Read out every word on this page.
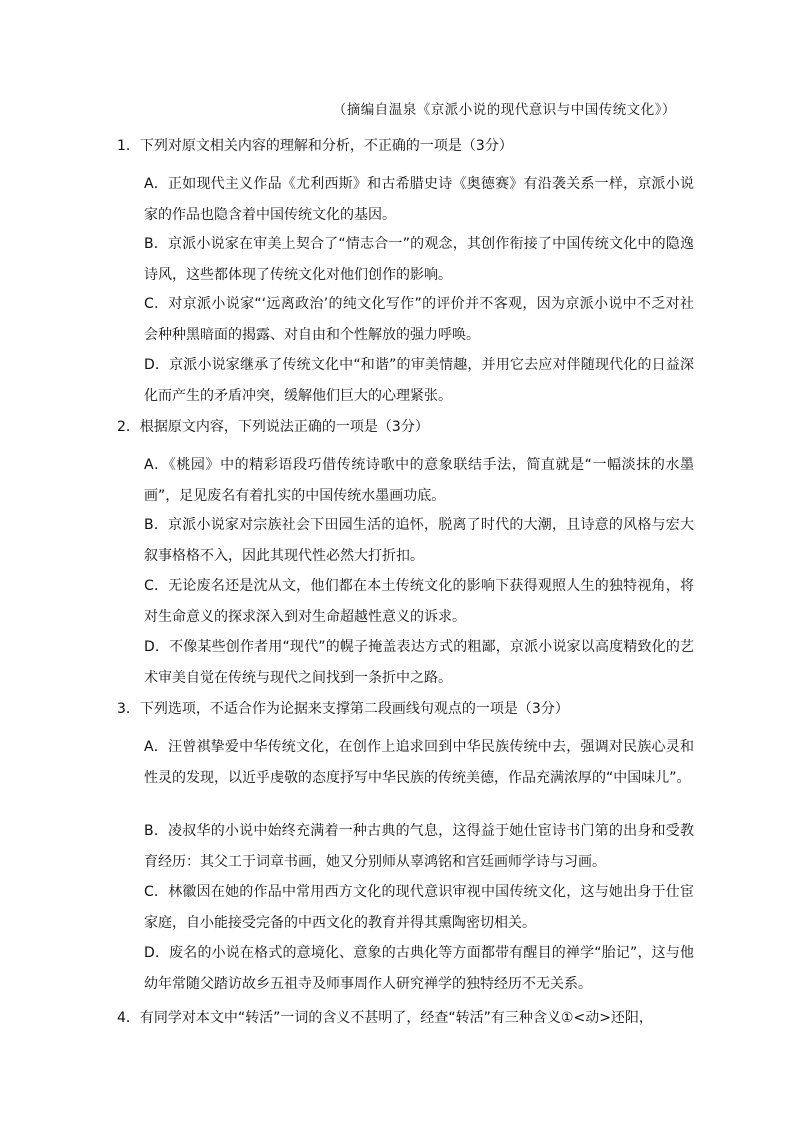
（摘编自温泉《京派小说的现代意识与中国传统文化》）
1．下列对原文相关内容的理解和分析，不正确的一项是（3分）
A．正如现代主义作品《尤利西斯》和古希腊史诗《奥德赛》有沿袭关系一样，京派小说家的作品也隐含着中国传统文化的基因。
B．京派小说家在审美上契合了“情志合一”的观念，其创作衔接了中国传统文化中的隐逸诗风，这些都体现了传统文化对他们创作的影响。
C．对京派小说家“‘远离政治’的纯文化写作”的评价并不客观，因为京派小说中不乏对社会种种黑暗面的揭露、对自由和个性解放的强力呼唤。
D．京派小说家继承了传统文化中“和谐”的审美情趣，并用它去应对伴随现代化的日益深化而产生的矛盾冲突，缓解他们巨大的心理紧张。
2．根据原文内容，下列说法正确的一项是（3分）
A．《桃园》中的精彩语段巧借传统诗歌中的意象联结手法，简直就是“一幅淡抹的水墨画”，足见废名有着扎实的中国传统水墨画功底。
B．京派小说家对宗族社会下田园生活的追怀，脱离了时代的大潮，且诗意的风格与宏大叙事格格不入，因此其现代性必然大打折扣。
C．无论废名还是沈从文，他们都在本土传统文化的影响下获得观照人生的独特视角，将对生命意义的探求深入到对生命超越性意义的诉求。
D．不像某些创作者用“现代”的幌子掩盖表达方式的粗鄙，京派小说家以高度精致化的艺术审美自觉在传统与现代之间找到一条折中之路。
3．下列选项，不适合作为论据来支撑第二段画线句观点的一项是（3分）
A．汪曾祺挚爱中华传统文化，在创作上追求回到中华民族传统中去，强调对民族心灵和性灵的发现，以近乎虔敬的态度抒写中华民族的传统美德，作品充满浓厚的“中国味儿”。
B．凌叔华的小说中始终充满着一种古典的气息，这得益于她仕宦诗书门第的出身和受教育经历：其父工于词章书画，她又分别师从辜鸿铭和宫廷画师学诗与习画。
C．林徽因在她的作品中常用西方文化的现代意识审视中国传统文化，这与她出身于仕宦家庭，自小能接受完备的中西文化的教育并得其熏陶密切相关。
D．废名的小说在格式的意境化、意象的古典化等方面都带有醒目的禅学“胎记”，这与他幼年常随父踏访故乡五祖寺及师事周作人研究禅学的独特经历不无关系。
4．有同学对本文中“转活”一词的含义不甚明了，经查“转活”有三种含义①<动>还阳，
